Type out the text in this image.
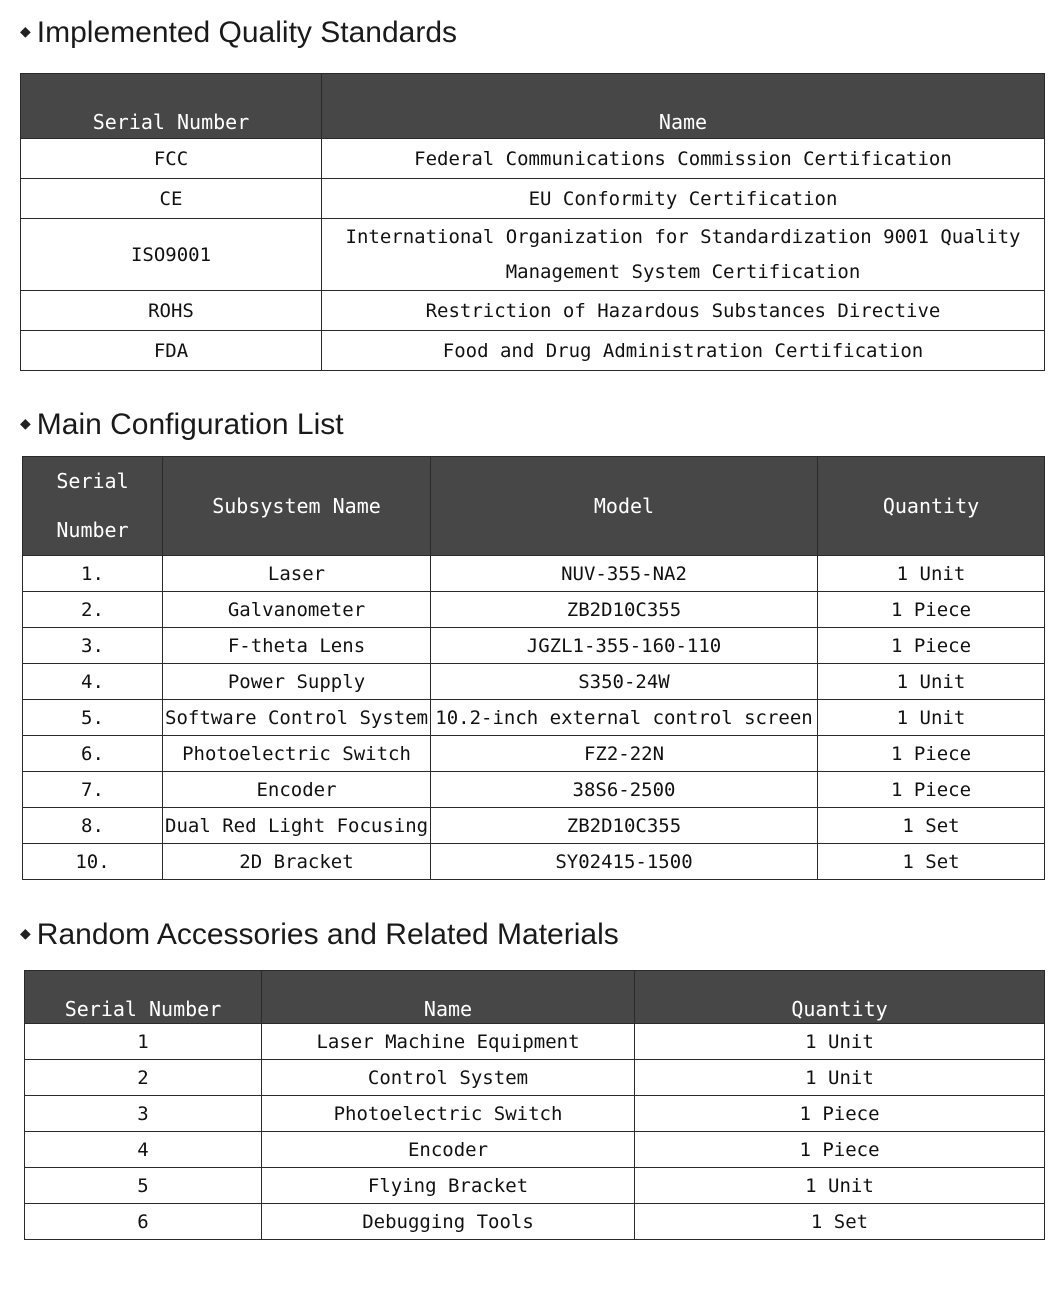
◆ Implemented Quality Standards
Serial Number	Name
FCC	Federal Communications Commission Certification
CE	EU Conformity Certification
ISO9001	International Organization for Standardization 9001 Quality Management System Certification
ROHS	Restriction of Hazardous Substances Directive
FDA	Food and Drug Administration Certification
◆ Main Configuration List
Serial Number	Subsystem Name	Model	Quantity
1.	Laser	NUV-355-NA2	1 Unit
2.	Galvanometer	ZB2D10C355	1 Piece
3.	F-theta Lens	JGZL1-355-160-110	1 Piece
4.	Power Supply	S350-24W	1 Unit
5.	Software Control System	10.2-inch external control screen	1 Unit
6.	Photoelectric Switch	FZ2-22N	1 Piece
7.	Encoder	38S6-2500	1 Piece
8.	Dual Red Light Focusing	ZB2D10C355	1 Set
10.	2D Bracket	SY02415-1500	1 Set
◆ Random Accessories and Related Materials
Serial Number	Name	Quantity
1	Laser Machine Equipment	1 Unit
2	Control System	1 Unit
3	Photoelectric Switch	1 Piece
4	Encoder	1 Piece
5	Flying Bracket	1 Unit
6	Debugging Tools	1 Set
